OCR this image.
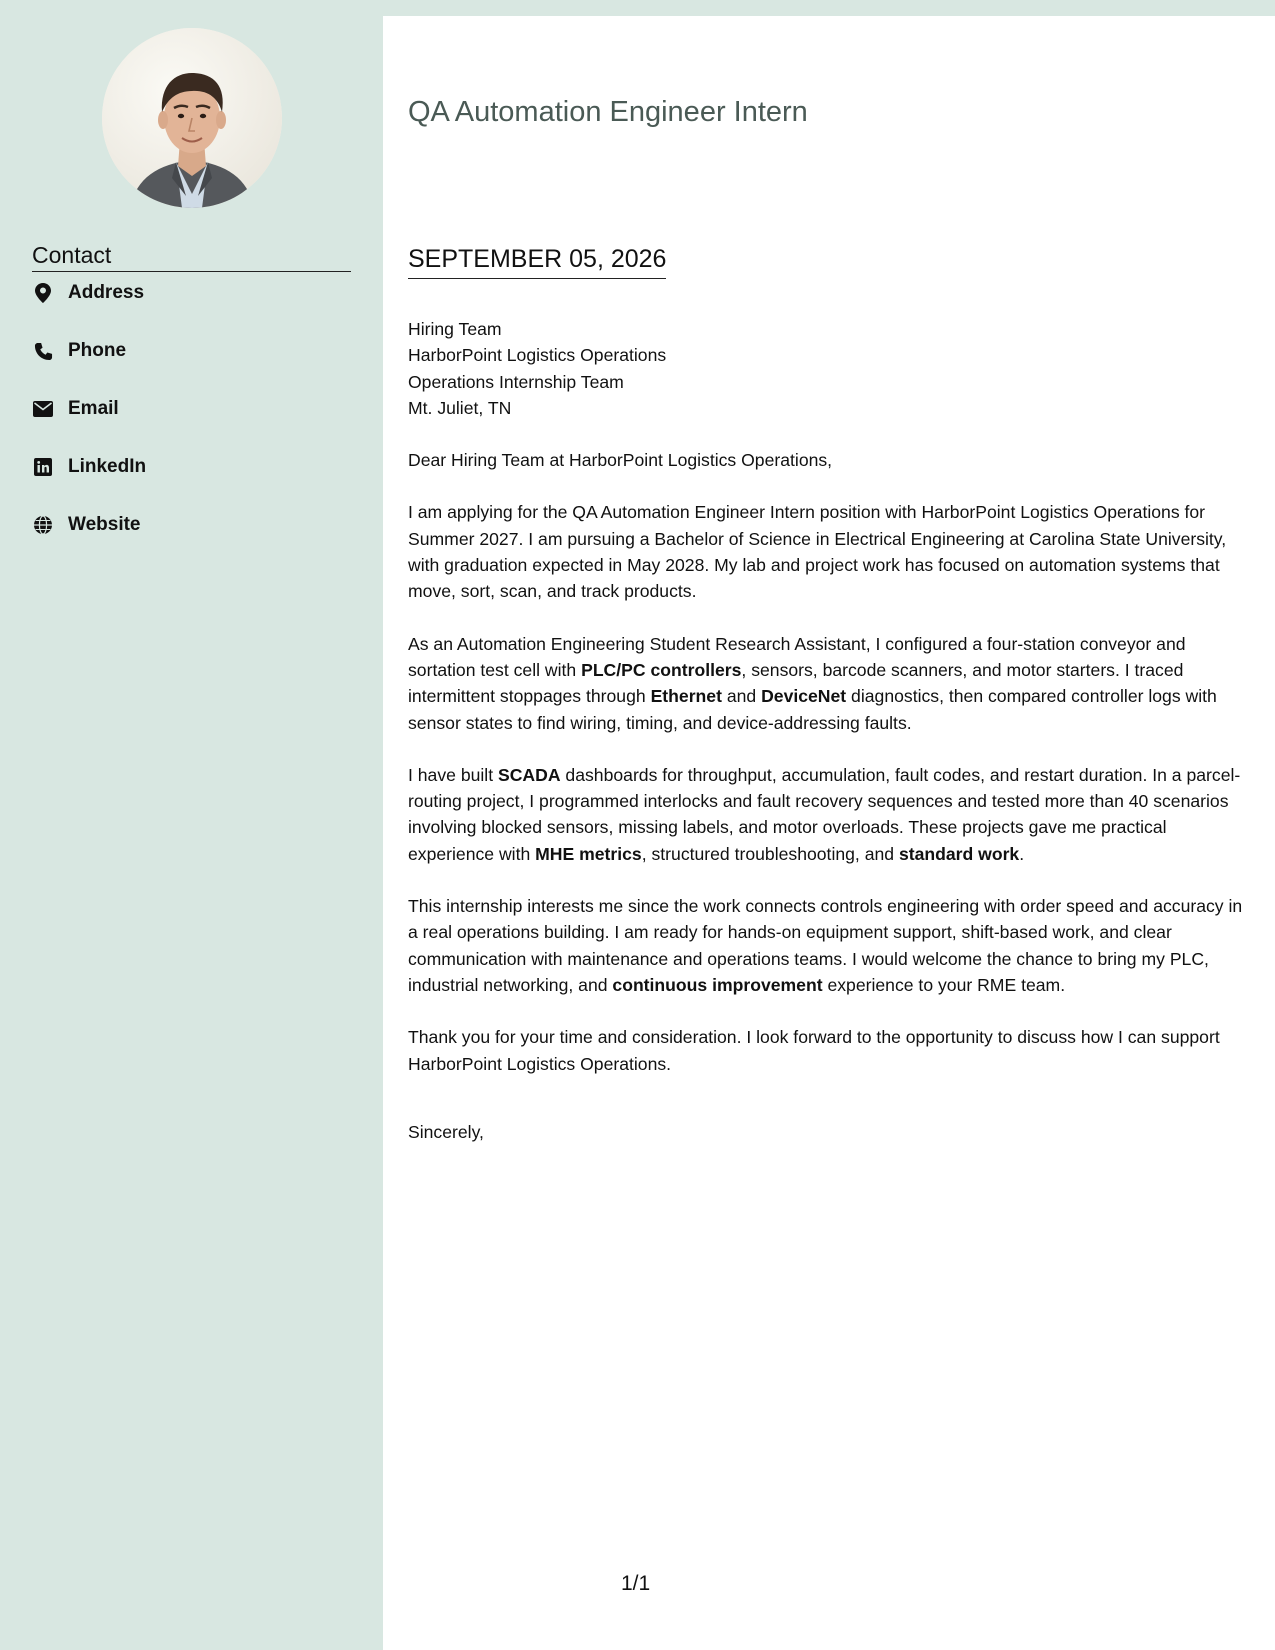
Contact
Address
Phone
Email
LinkedIn
Website
QA Automation Engineer Intern
SEPTEMBER 05, 2026

Hiring Team
HarborPoint Logistics Operations
Operations Internship Team
Mt. Juliet, TN

Dear Hiring Team at HarborPoint Logistics Operations,

I am applying for the QA Automation Engineer Intern position with HarborPoint Logistics Operations for Summer 2027. I am pursuing a Bachelor of Science in Electrical Engineering at Carolina State University, with graduation expected in May 2028. My lab and project work has focused on automation systems that move, sort, scan, and track products.

As an Automation Engineering Student Research Assistant, I configured a four-station conveyor and sortation test cell with PLC/PC controllers, sensors, barcode scanners, and motor starters. I traced intermittent stoppages through Ethernet and DeviceNet diagnostics, then compared controller logs with sensor states to find wiring, timing, and device-addressing faults.

I have built SCADA dashboards for throughput, accumulation, fault codes, and restart duration. In a parcel-routing project, I programmed interlocks and fault recovery sequences and tested more than 40 scenarios involving blocked sensors, missing labels, and motor overloads. These projects gave me practical experience with MHE metrics, structured troubleshooting, and standard work.

This internship interests me since the work connects controls engineering with order speed and accuracy in a real operations building. I am ready for hands-on equipment support, shift-based work, and clear communication with maintenance and operations teams. I would welcome the chance to bring my PLC, industrial networking, and continuous improvement experience to your RME team.

Thank you for your time and consideration. I look forward to the opportunity to discuss how I can support HarborPoint Logistics Operations.

Sincerely,

1/1
